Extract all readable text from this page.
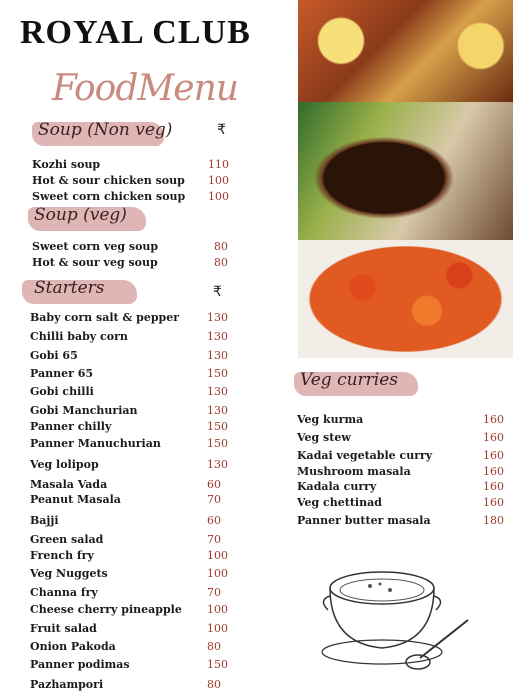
ROYAL CLUB
FoodMenu
Soup (Non veg)	₹
Kozhi soup	110
Hot & sour chicken soup 100
Sweet corn chicken soup 100
Soup (veg)
Sweet corn veg soup	80
Hot & sour veg soup	80
Starters	₹
Baby corn salt & pepper	130
Chilli baby corn	130
Gobi 65	130
Panner 65	150
Gobi chilli	130
Gobi Manchurian	130
Panner chilly	150
Panner Manuchurian	150
Veg lolipop	130
Masala Vada	60
Peanut Masala	70
Bajji	60
Green salad	70
French fry	100
Veg Nuggets	100
Channa fry	70
Cheese cherry pineapple 100
Fruit salad	100
Onion Pakoda	80
Panner podimas	150
Pazhampori	80
Veg curries
Veg kurma	160
Veg stew	160
Kadai vegetable curry	160
Mushroom masala	160
Kadala curry	160
Veg chettinad	160
Panner butter masala	180
